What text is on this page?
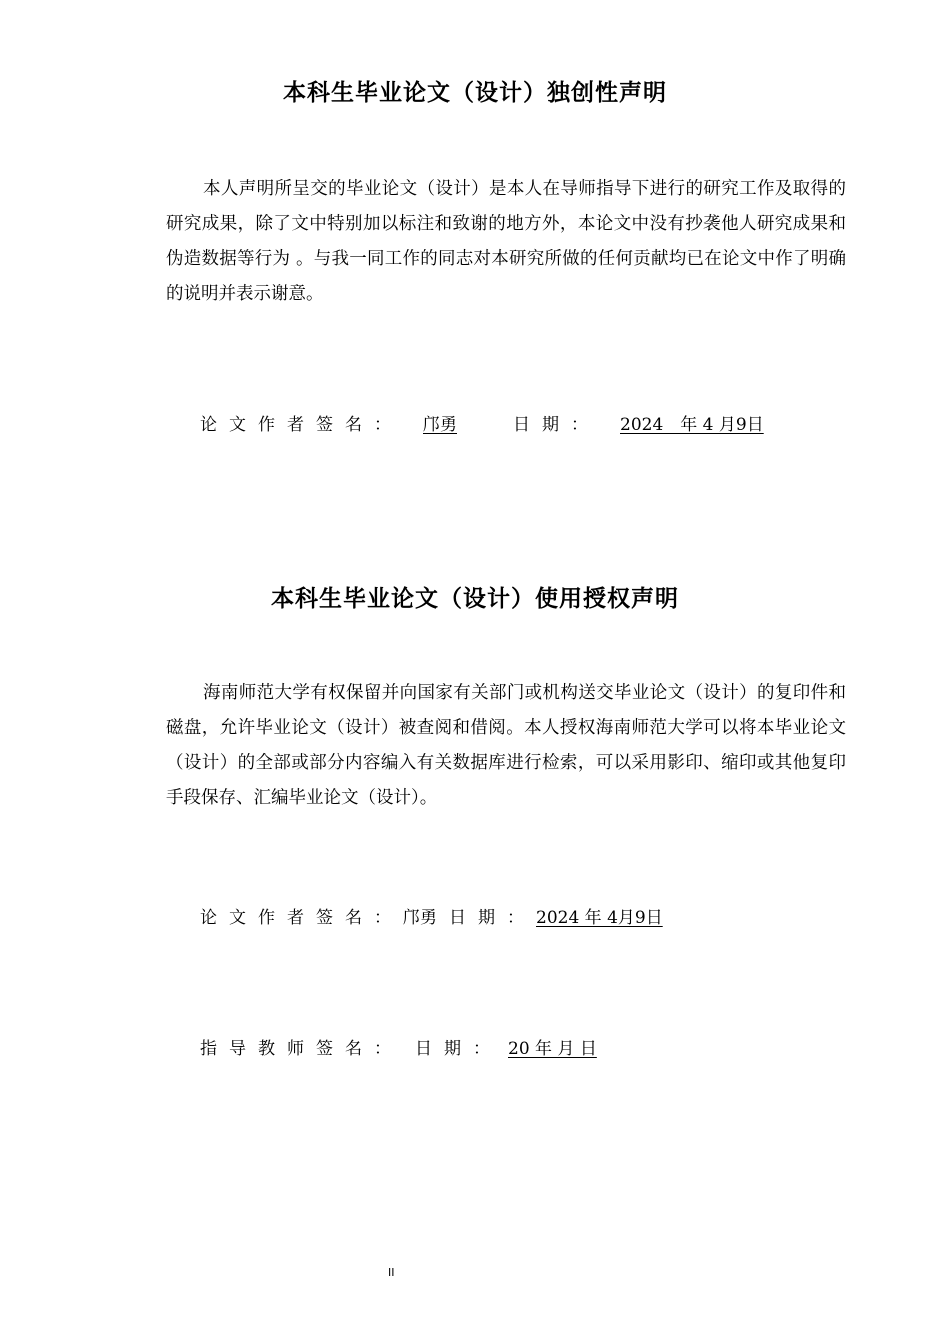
本科生毕业论文（设计）独创性声明

本人声明所呈交的毕业论文（设计）是本人在导师指导下进行的研究工作及取得的研究成果，除了文中特别加以标注和致谢的地方外，本论文中没有抄袭他人研究成果和伪造数据等行为 。与我一同工作的同志对本研究所做的任何贡献均已在论文中作了明确的说明并表示谢意。

论文作者签名： 邝勇	日期： 2024　年 4 月9日
本科生毕业论文（设计）使用授权声明

海南师范大学有权保留并向国家有关部门或机构送交毕业论文（设计）的复印件和磁盘，允许毕业论文（设计）被查阅和借阅。本人授权海南师范大学可以将本毕业论文（设计）的全部或部分内容编入有关数据库进行检索，可以采用影印、缩印或其他复印手段保存、汇编毕业论文（设计）。

论文作者签名：邝勇 日期：2024 年 4月9日
指导教师签名： 日期： 20 年 月 日
II
